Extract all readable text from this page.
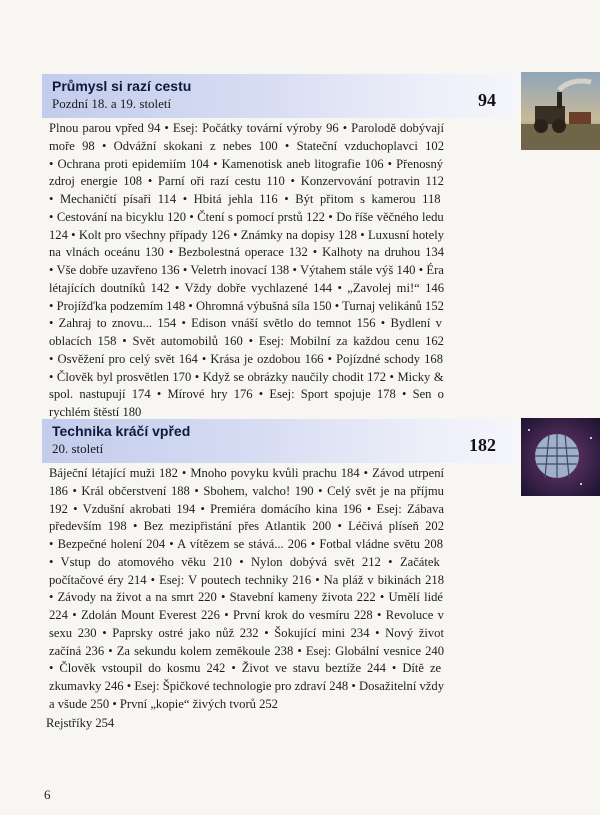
Průmysl si razí cestu
Pozdní 18. a 19. století	94
Plnou parou vpřed 94 • Esej: Počátky tovární výroby 96 • Parolodě dobývají moře 98 • Odvážní skokani z nebes 100 • Stateční vzduchoplavci 102 • Ochrana proti epidemiím 104 • Kamenotisk aneb litografie 106 • Přenosný zdroj energie 108 • Parní oři razí cestu 110 • Konzervování potravin 112 • Mechaničtí písaři 114 • Hbitá jehla 116 • Být přitom s kamerou 118 • Cestování na bicyklu 120 • Čtení s pomocí prstů 122 • Do říše věčného ledu 124 • Kolt pro všechny případy 126 • Známky na dopisy 128 • Luxusní hotely na vlnách oceánu 130 • Bezbolestná operace 132 • Kalhoty na druhou 134 • Vše dobře uzavřeno 136 • Veletrh inovací 138 • Výtahem stále výš 140 • Éra létajících doutníků 142 • Vždy dobře vychlazené 144 • „Zavolej mi!“ 146 • Projížďka podzemím 148 • Ohromná výbušná síla 150 • Turnaj velikánů 152 • Zahraj to znovu... 154 • Edison vnáší světlo do temnot 156 • Bydlení v oblacích 158 • Svět automobilů 160 • Esej: Mobilní za každou cenu 162 • Osvěžení pro celý svět 164 • Krása je ozdobou 166 • Pojízdné schody 168 • Člověk byl prosvětlen 170 • Když se obrázky naučily chodit 172 • Micky & spol. nastupují 174 • Mírové hry 176 • Esej: Sport spojuje 178 • Sen o rychlém štěstí 180
Technika kráčí vpřed
20. století	182
Báječní létající muži 182 • Mnoho povyku kvůli prachu 184 • Závod utrpení 186 • Král občerstvení 188 • Sbohem, valcho! 190 • Celý svět je na příjmu 192 • Vzdušní akrobati 194 • Premiéra domácího kina 196 • Esej: Zábava především 198 • Bez mezipřistání přes Atlantik 200 • Léčivá plíseň 202 • Bezpečné holení 204 • A vítězem se stává... 206 • Fotbal vládne světu 208 • Vstup do atomového věku 210 • Nylon dobývá svět 212 • Začátek počítačové éry 214 • Esej: V poutech techniky 216 • Na pláž v bikinách 218 • Závody na život a na smrt 220 • Stavební kameny života 222 • Umělí lidé 224 • Zdolán Mount Everest 226 • První krok do vesmíru 228 • Revoluce v sexu 230 • Paprsky ostré jako nůž 232 • Šokující mini 234 • Nový život začíná 236 • Za sekundu kolem zeměkoule 238 • Esej: Globální vesnice 240 • Člověk vstoupil do kosmu 242 • Život ve stavu beztíže 244 • Dítě ze zkumavky 246 • Esej: Špičkové technologie pro zdraví 248 • Dosažitelní vždy a všude 250 • První „kopie“ živých tvorů 252
Rejstříky 254
6
